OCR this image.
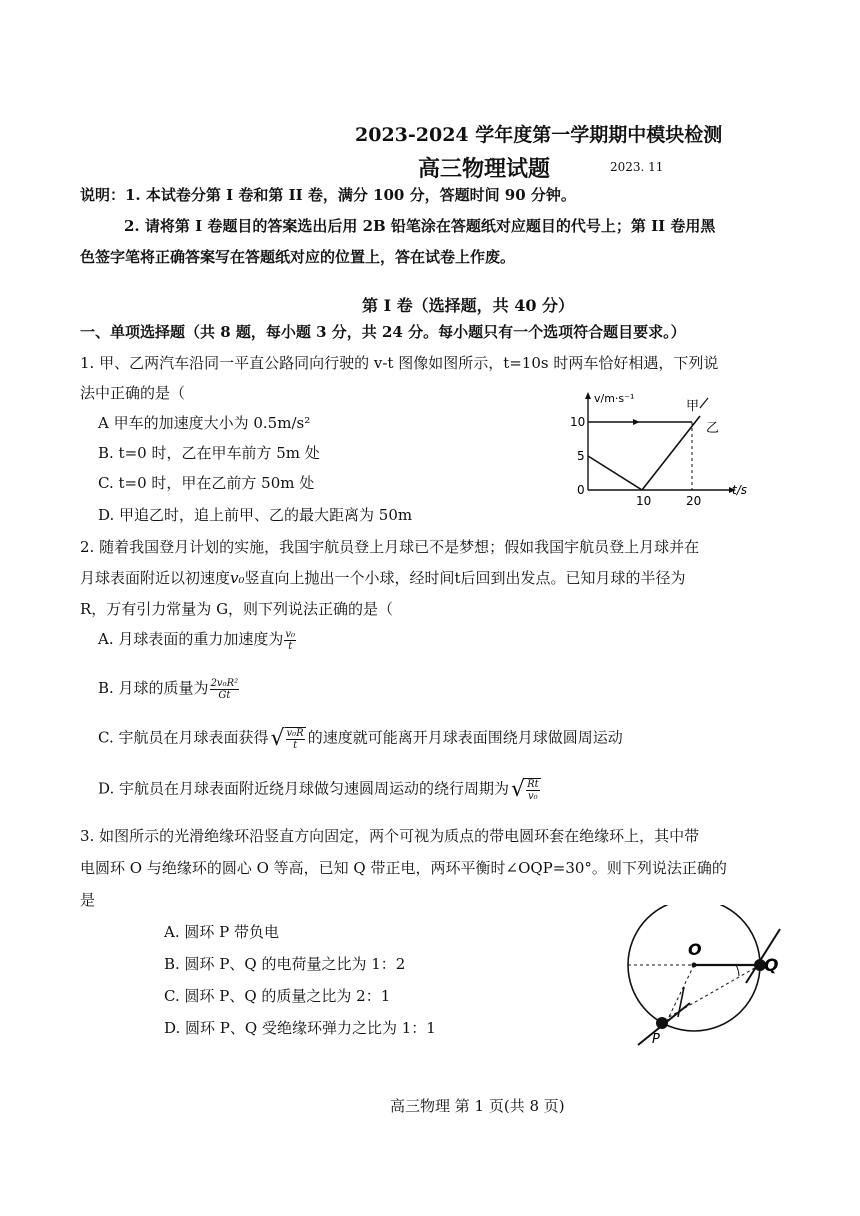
2023-2024 学年度第一学期期中模块检测
高三物理试题	2023. 11
说明：1. 本试卷分第 I 卷和第 II 卷，满分 100 分，答题时间 90 分钟。
2. 请将第 I 卷题目的答案选出后用 2B 铅笔涂在答题纸对应题目的代号上；第 II 卷用黑
色签字笔将正确答案写在答题纸对应的位置上，答在试卷上作废。
第 I 卷（选择题，共 40 分）
一、单项选择题（共 8 题，每小题 3 分，共 24 分。每小题只有一个选项符合题目要求。）
1. 甲、乙两汽车沿同一平直公路同向行驶的 v-t 图像如图所示，t=10s 时两车恰好相遇，下列说
法中正确的是（
A 甲车的加速度大小为 0.5m/s²
B. t=0 时，乙在甲车前方 5m 处
C. t=0 时，甲在乙前方 50m 处
D. 甲追乙时，追上前甲、乙的最大距离为 50m
v/m·s⁻¹
t/s
10
5
0
10	20
甲
乙
2. 随着我国登月计划的实施，我国宇航员登上月球已不是梦想；假如我国宇航员登上月球并在
月球表面附近以初速度v₀竖直向上抛出一个小球，经时间t后回到出发点。已知月球的半径为
R，万有引力常量为 G，则下列说法正确的是（
A. 月球表面的重力加速度为 $\frac{\text{v₀}}{t}$
B. 月球的质量为 $\frac{\text{2v₀R²}}{Gt}$
C. 宇航员在月球表面获得√ $\frac{\text{v₀R}}{t}$ 的速度就可能离开月球表面围绕月球做圆周运动
D. 宇航员在月球表面附近绕月球做匀速圆周运动的绕行周期为√ $\frac{Rt}{\text{v₀}}$
3. 如图所示的光滑绝缘环沿竖直方向固定，两个可视为质点的带电圆环套在绝缘环上，其中带
电圆环 O 与绝缘环的圆心 O 等高，已知 Q 带正电，两环平衡时∠OQP=30°。则下列说法正确的
是
A. 圆环 P 带负电
B. 圆环 P、Q 的电荷量之比为 1：2
C. 圆环 P、Q 的质量之比为 2：1
D. 圆环 P、Q 受绝缘环弹力之比为 1：1
O
Q
P
高三物理 第 1 页(共 8 页)
